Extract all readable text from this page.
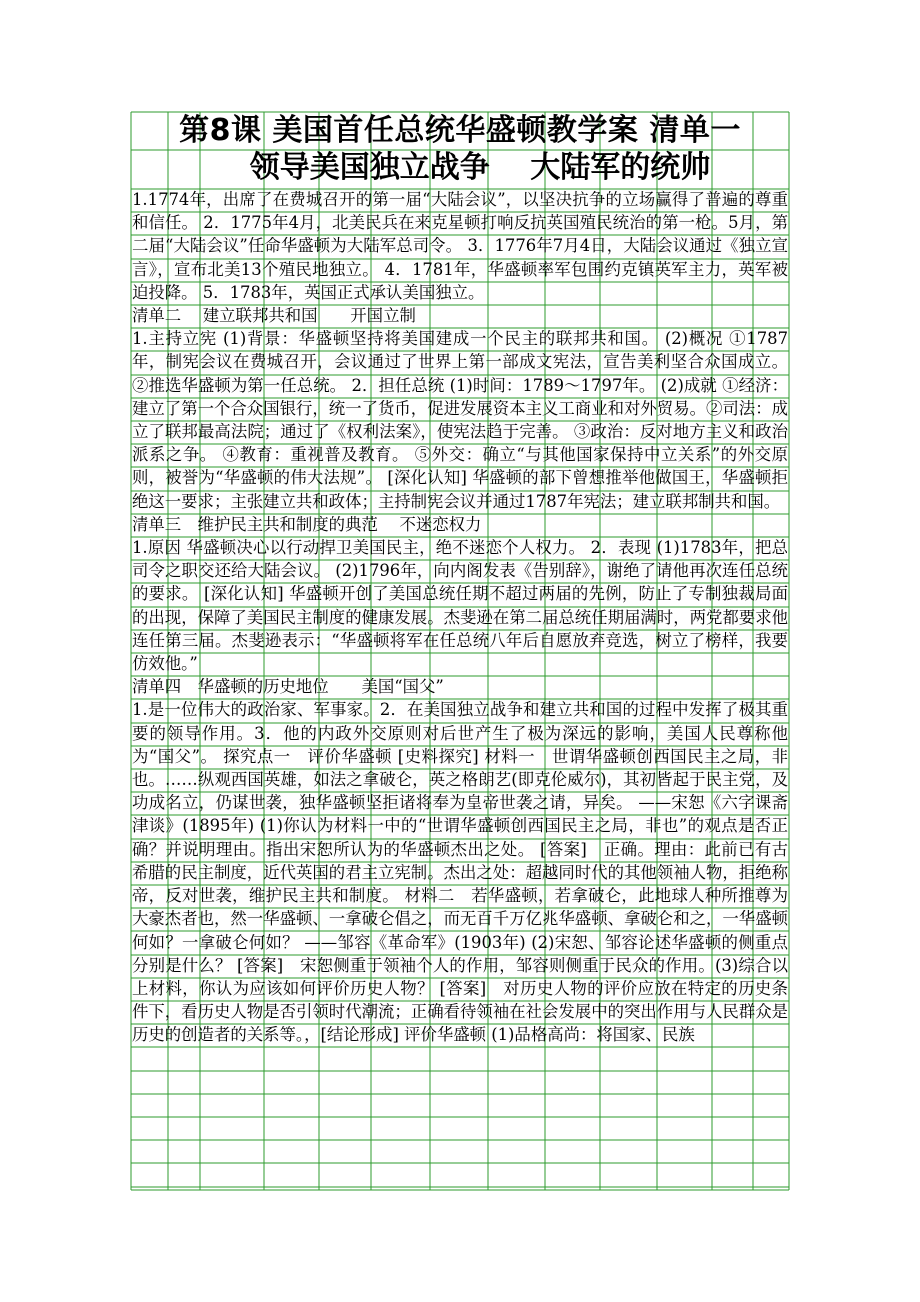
第8课 美国首任总统华盛顿教学案 清单一
领导美国独立战争　 大陆军的统帅

1.1774年，出席了在费城召开的第一届“大陆会议”，以坚决抗争的立场赢得了普遍的尊重和信任。 2．1775年4月，北美民兵在来克星顿打响反抗英国殖民统治的第一枪。5月，第二届“大陆会议”任命华盛顿为大陆军总司令。 3．1776年7月4日，大陆会议通过《独立宣言》，宣布北美13个殖民地独立。 4．1781年，华盛顿率军包围约克镇英军主力，英军被迫投降。 5．1783年，英国正式承认美国独立。

清单二　 建立联邦共和国　　开国立制

1.主持立宪 (1)背景：华盛顿坚持将美国建成一个民主的联邦共和国。 (2)概况 ①1787年，制宪会议在费城召开，会议通过了世界上第一部成文宪法，宣告美利坚合众国成立。 ②推选华盛顿为第一任总统。 2．担任总统 (1)时间：1789～1797年。 (2)成就 ①经济：建立了第一个合众国银行，统一了货币，促进发展资本主义工商业和对外贸易。②司法：成立了联邦最高法院；通过了《权利法案》，使宪法趋于完善。 ③政治：反对地方主义和政治派系之争。 ④教育：重视普及教育。 ⑤外交：确立“与其他国家保持中立关系”的外交原则，被誉为“华盛顿的伟大法规”。 [深化认知] 华盛顿的部下曾想推举他做国王，华盛顿拒绝这一要求；主张建立共和政体；主持制宪会议并通过1787年宪法；建立联邦制共和国。

清单三　维护民主共和制度的典范　 不迷恋权力

1.原因 华盛顿决心以行动捍卫美国民主，绝不迷恋个人权力。 2．表现 (1)1783年，把总司令之职交还给大陆会议。 (2)1796年，向内阁发表《告别辞》，谢绝了请他再次连任总统的要求。 [深化认知] 华盛顿开创了美国总统任期不超过两届的先例，防止了专制独裁局面的出现，保障了美国民主制度的健康发展。杰斐逊在第二届总统任期届满时，两党都要求他连任第三届。杰斐逊表示：“华盛顿将军在任总统八年后自愿放弃竞选，树立了榜样，我要仿效他。”

清单四　华盛顿的历史地位　　美国“国父”

1.是一位伟大的政治家、军事家。2．在美国独立战争和建立共和国的过程中发挥了极其重要的领导作用。3．他的内政外交原则对后世产生了极为深远的影响，美国人民尊称他为“国父”。 探究点一　评价华盛顿 [史料探究] 材料一　世谓华盛顿创西国民主之局，非也。……纵观西国英雄，如法之拿破仑，英之格朗艺(即克伦威尔)，其初皆起于民主党，及功成名立，仍谋世袭，独华盛顿坚拒诸将奉为皇帝世袭之请，异矣。 ——宋恕《六字课斋津谈》(1895年) (1)你认为材料一中的“世谓华盛顿创西国民主之局，非也”的观点是否正确？并说明理由。指出宋恕所认为的华盛顿杰出之处。 [答案]　正确。理由：此前已有古希腊的民主制度，近代英国的君主立宪制。杰出之处：超越同时代的其他领袖人物，拒绝称帝，反对世袭，维护民主共和制度。 材料二　若华盛顿，若拿破仑，此地球人种所推尊为大豪杰者也，然一华盛顿、一拿破仑倡之，而无百千万亿兆华盛顿、拿破仑和之，一华盛顿何如？一拿破仑何如？ ——邹容《革命军》(1903年) (2)宋恕、邹容论述华盛顿的侧重点分别是什么？ [答案]　宋恕侧重于领袖个人的作用，邹容则侧重于民众的作用。(3)综合以上材料，你认为应该如何评价历史人物？ [答案]　对历史人物的评价应放在特定的历史条件下，看历史人物是否引领时代潮流；正确看待领袖在社会发展中的突出作用与人民群众是历史的创造者的关系等。，[结论形成] 评价华盛顿 (1)品格高尚：将国家、民族
